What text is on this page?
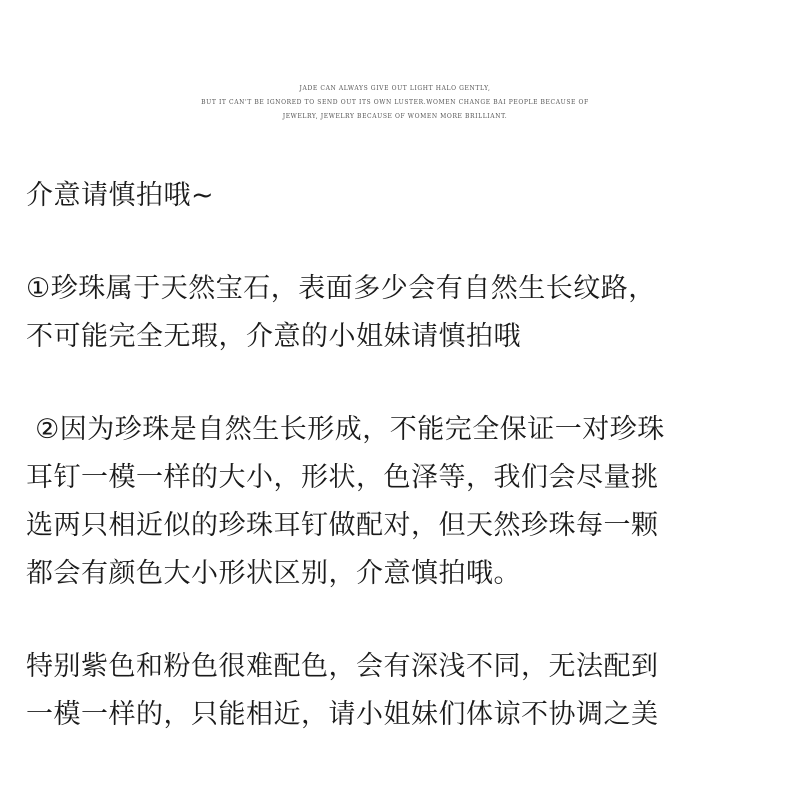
JADE CAN ALWAYS GIVE OUT LIGHT HALO GENTLY,
BUT IT CAN'T BE IGNORED TO SEND OUT ITS OWN LUSTER.WOMEN CHANGE BAI PEOPLE BECAUSE OF
JEWELRY, JEWELRY BECAUSE OF WOMEN MORE BRILLIANT.

介意请慎拍哦~

①珍珠属于天然宝石，表面多少会有自然生长纹路，
不可能完全无瑕，介意的小姐妹请慎拍哦

②因为珍珠是自然生长形成，不能完全保证一对珍珠
耳钉一模一样的大小，形状，色泽等，我们会尽量挑
选两只相近似的珍珠耳钉做配对，但天然珍珠每一颗
都会有颜色大小形状区别，介意慎拍哦。

特别紫色和粉色很难配色，会有深浅不同，无法配到
一模一样的，只能相近，请小姐妹们体谅不协调之美
